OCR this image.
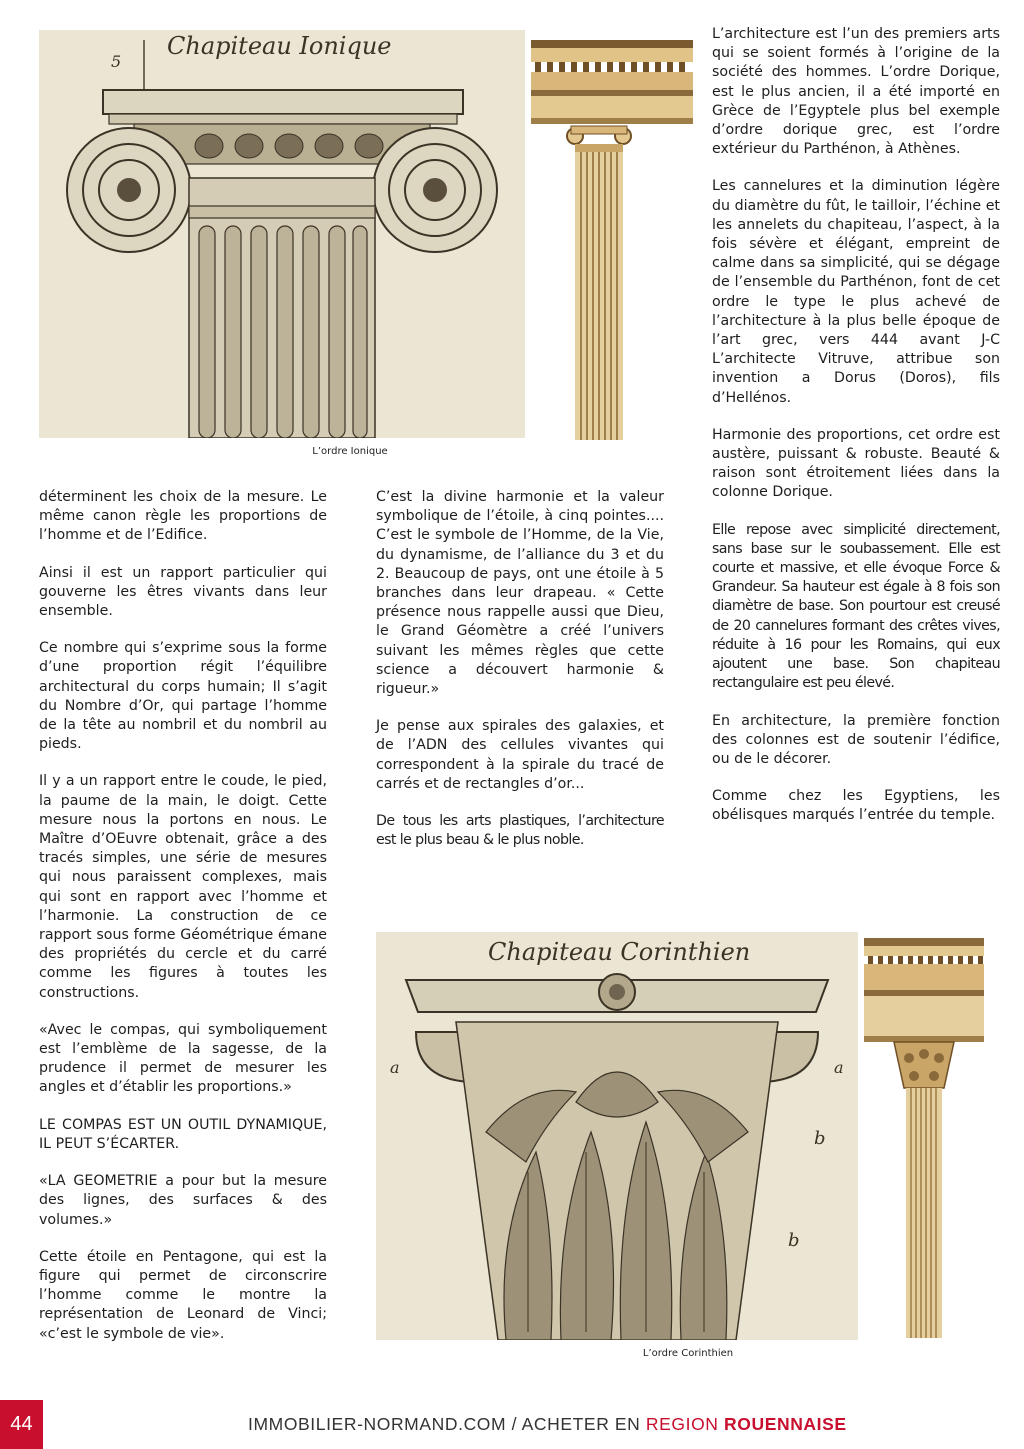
Chapiteau Ionique
5
L’ordre Ionique

L’architecture est l’un des premiers arts qui se soient formés à l’origine de la société des hommes. L’ordre Dorique, est le plus ancien, il a été importé en Grèce de l’Egyptele plus bel exemple d’ordre dorique grec, est l’ordre extérieur du Parthénon, à Athènes.

Les cannelures et la diminution légère du diamètre du fût, le tailloir, l’échine et les annelets du chapiteau, l’aspect, à la fois sévère et élégant, empreint de calme dans sa simplicité, qui se dégage de l’ensemble du Parthénon, font de cet ordre le type le plus achevé de l’architecture à la plus belle époque de l’art grec, vers 444 avant J-C L’architecte Vitruve, attribue son invention a Dorus (Doros), fils d’Hellénos.

Harmonie des proportions, cet ordre est austère, puissant & robuste. Beauté & raison sont étroitement liées dans la colonne Dorique.

Elle repose avec simplicité directement, sans base sur le soubassement. Elle est courte et massive, et elle évoque Force & Grandeur. Sa hauteur est égale à 8 fois son diamètre de base. Son pourtour est creusé de 20 cannelures formant des crêtes vives, réduite à 16 pour les Romains, qui eux ajoutent une base. Son chapiteau rectangulaire est peu élevé.

En architecture, la première fonction des colonnes est de soutenir l’édifice, ou de le décorer.

Comme chez les Egyptiens, les obélisques marqués l’entrée du temple.

déterminent les choix de la mesure. Le même canon règle les proportions de l’homme et de l’Edifice.

Ainsi il est un rapport particulier qui gouverne les êtres vivants dans leur ensemble.

Ce nombre qui s’exprime sous la forme d’une proportion régit l’équilibre architectural du corps humain; Il s’agit du Nombre d’Or, qui partage l’homme de la tête au nombril et du nombril au pieds.

Il y a un rapport entre le coude, le pied, la paume de la main, le doigt. Cette mesure nous la portons en nous. Le Maître d’OEuvre obtenait, grâce a des tracés simples, une série de mesures qui nous paraissent complexes, mais qui sont en rapport avec l’homme et l’harmonie. La construction de ce rapport sous forme Géométrique émane des propriétés du cercle et du carré comme les figures à toutes les constructions.

«Avec le compas, qui symboliquement est l’emblème de la sagesse, de la prudence il permet de mesurer les angles et d’établir les proportions.»

LE COMPAS EST UN OUTIL DYNAMIQUE, IL PEUT S’ÉCARTER.

«LA GEOMETRIE a pour but la mesure des lignes, des surfaces & des volumes.»

Cette étoile en Pentagone, qui est la figure qui permet de circonscrire l’homme comme le montre la représentation de Leonard de Vinci; «c’est le symbole de vie».

C’est la divine harmonie et la valeur symbolique de l’étoile, à cinq pointes.... C’est le symbole de l’Homme, de la Vie, du dynamisme, de l’alliance du 3 et du 2. Beaucoup de pays, ont une étoile à 5 branches dans leur drapeau. « Cette présence nous rappelle aussi que Dieu, le Grand Géomètre a créé l’univers suivant les mêmes règles que cette science a découvert harmonie & rigueur.»

Je pense aux spirales des galaxies, et de l’ADN des cellules vivantes qui correspondent à la spirale du tracé de carrés et de rectangles d’or...

De tous les arts plastiques, l’architecture est le plus beau & le plus noble.

Chapiteau Corinthien
a	a
b
b
L’ordre Corinthien
44	IMMOBILIER-NORMAND.COM / ACHETER EN REGION ROUENNAISE
